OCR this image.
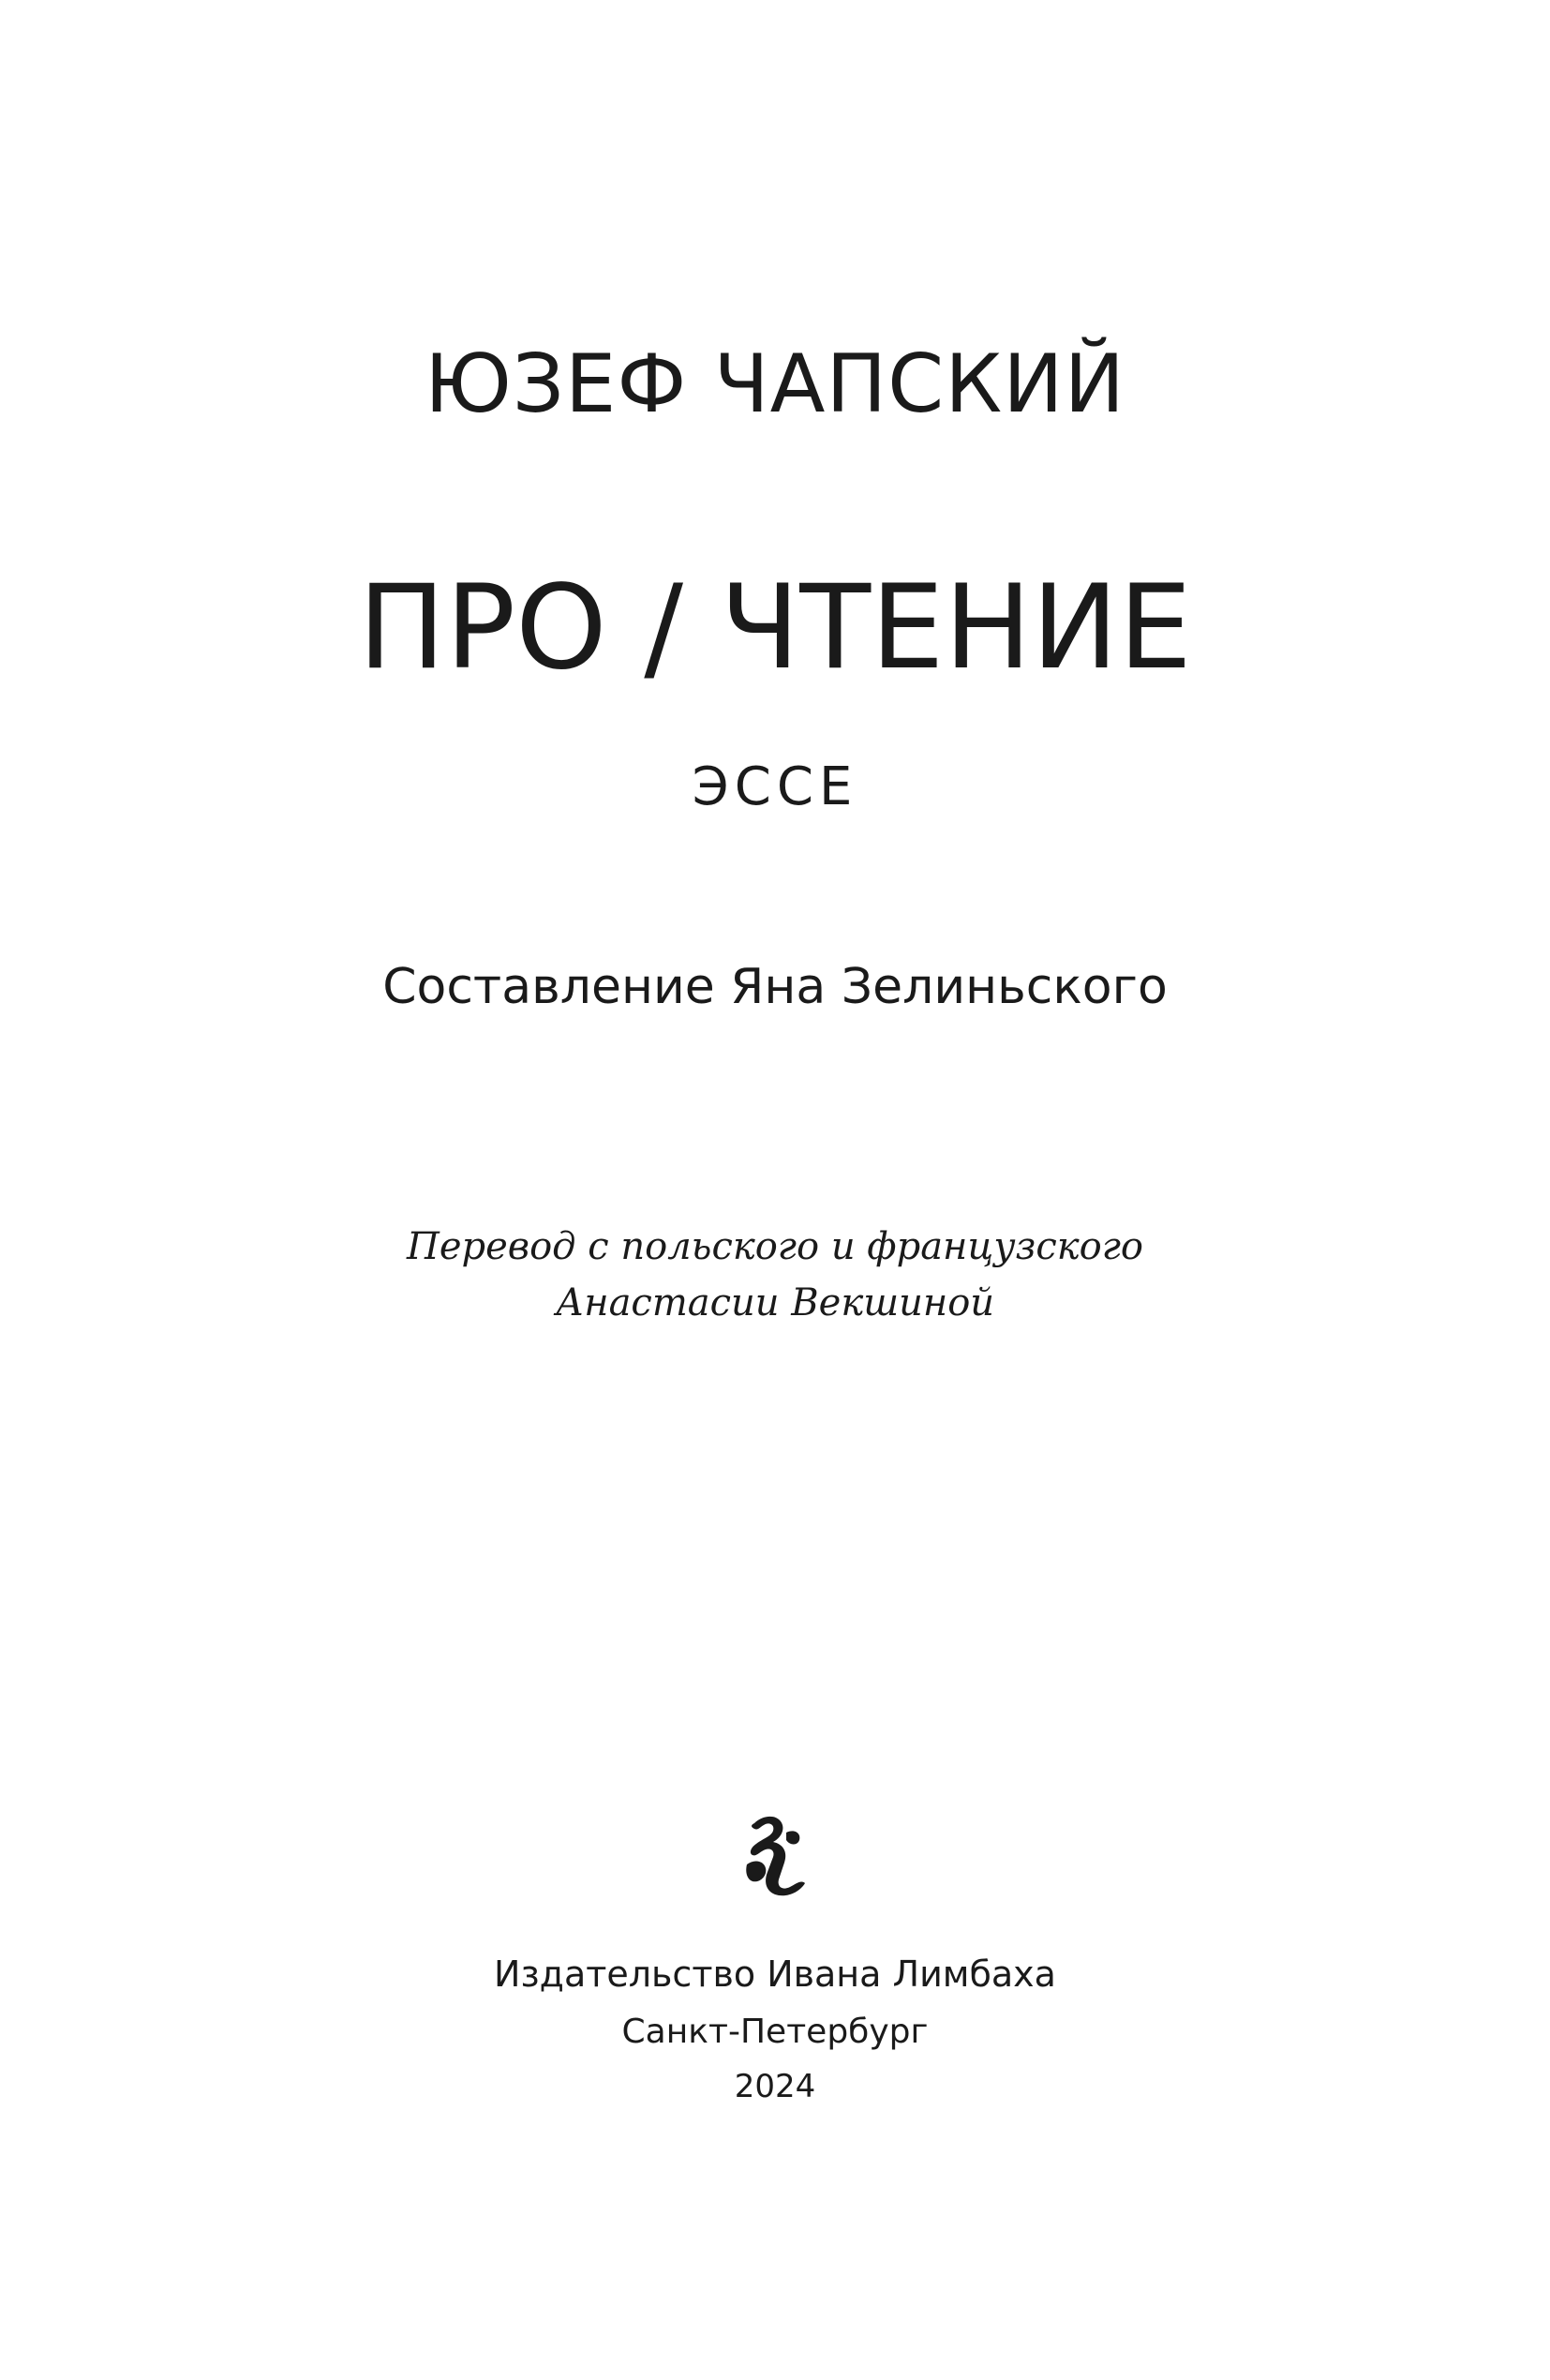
ЮЗЕФ ЧАПСКИЙ
ПРО / ЧТЕНИЕ
ЭССЕ
Составление Яна Зелиньского
Перевод с польского и французского
Анастасии Векшиной
Издательство Ивана Лимбаха
Санкт-Петербург
2024
